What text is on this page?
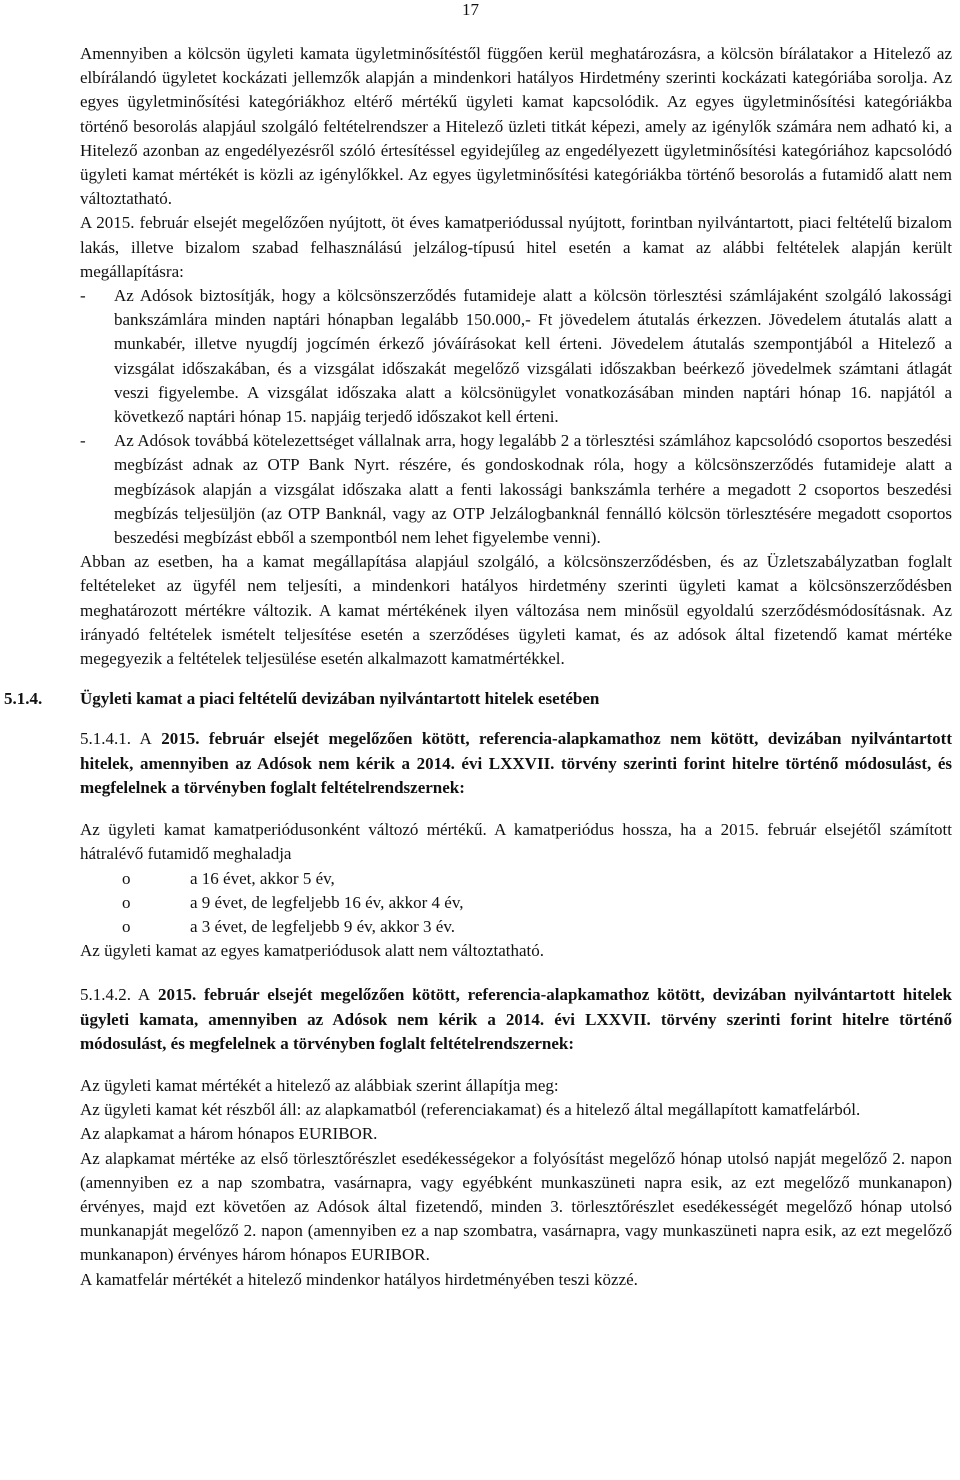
17

Amennyiben a kölcsön ügyleti kamata ügyletminősítéstől függően kerül meghatározásra, a kölcsön bírálatakor a Hitelező az elbírálandó ügyletet kockázati jellemzők alapján a mindenkori hatályos Hirdetmény szerinti kockázati kategóriába sorolja. Az egyes ügyletminősítési kategóriákhoz eltérő mértékű ügyleti kamat kapcsolódik. Az egyes ügyletminősítési kategóriákba történő besorolás alapjául szolgáló feltételrendszer a Hitelező üzleti titkát képezi, amely az igénylők számára nem adható ki, a Hitelező azonban az engedélyezésről szóló értesítéssel egyidejűleg az engedélyezett ügyletminősítési kategóriához kapcsolódó ügyleti kamat mértékét is közli az igénylőkkel. Az egyes ügyletminősítési kategóriákba történő besorolás a futamidő alatt nem változtatható.

A 2015. február elsejét megelőzően nyújtott, öt éves kamatperiódussal nyújtott, forintban nyilvántartott, piaci feltételű bizalom lakás, illetve bizalom szabad felhasználású jelzálog-típusú hitel esetén a kamat az alábbi feltételek alapján került megállapításra:

-	Az Adósok biztosítják, hogy a kölcsönszerződés futamideje alatt a kölcsön törlesztési számlájaként szolgáló lakossági bankszámlára minden naptári hónapban legalább 150.000,- Ft jövedelem átutalás érkezzen. Jövedelem átutalás alatt a munkabér, illetve nyugdíj jogcímén érkező jóváírásokat kell érteni. Jövedelem átutalás szempontjából a Hitelező a vizsgálat időszakában, és a vizsgálat időszakát megelőző vizsgálati időszakban beérkező jövedelmek számtani átlagát veszi figyelembe. A vizsgálat időszaka alatt a kölcsönügylet vonatkozásában minden naptári hónap 16. napjától a következő naptári hónap 15. napjáig terjedő időszakot kell érteni.
-	Az Adósok továbbá kötelezettséget vállalnak arra, hogy legalább 2 a törlesztési számlához kapcsolódó csoportos beszedési megbízást adnak az OTP Bank Nyrt. részére, és gondoskodnak róla, hogy a kölcsönszerződés futamideje alatt a megbízások alapján a vizsgálat időszaka alatt a fenti lakossági bankszámla terhére a megadott 2 csoportos beszedési megbízás teljesüljön (az OTP Banknál, vagy az OTP Jelzálogbanknál fennálló kölcsön törlesztésére megadott csoportos beszedési megbízást ebből a szempontból nem lehet figyelembe venni).

Abban az esetben, ha a kamat megállapítása alapjául szolgáló, a kölcsönszerződésben, és az Üzletszabályzatban foglalt feltételeket az ügyfél nem teljesíti, a mindenkori hatályos hirdetmény szerinti ügyleti kamat a kölcsönszerződésben meghatározott mértékre változik. A kamat mértékének ilyen változása nem minősül egyoldalú szerződésmódosításnak. Az irányadó feltételek ismételt teljesítése esetén a szerződéses ügyleti kamat, és az adósok által fizetendő kamat mértéke megegyezik a feltételek teljesülése esetén alkalmazott kamatmértékkel.

5.1.4.	Ügyleti kamat a piaci feltételű devizában nyilvántartott hitelek esetében

5.1.4.1. A 2015. február elsejét megelőzően kötött, referencia-alapkamathoz nem kötött, devizában nyilvántartott hitelek, amennyiben az Adósok nem kérik a 2014. évi LXXVII. törvény szerinti forint hitelre történő módosulást, és megfelelnek a törvényben foglalt feltételrendszernek:

Az ügyleti kamat kamatperiódusonként változó mértékű. A kamatperiódus hossza, ha a 2015. február elsejétől számított hátralévő futamidő meghaladja

o	a 16 évet, akkor 5 év,
o	a 9 évet, de legfeljebb 16 év, akkor 4 év,
o	a 3 évet, de legfeljebb 9 év, akkor 3 év.

Az ügyleti kamat az egyes kamatperiódusok alatt nem változtatható.

5.1.4.2. A 2015. február elsejét megelőzően kötött, referencia-alapkamathoz kötött, devizában nyilvántartott hitelek ügyleti kamata, amennyiben az Adósok nem kérik a 2014. évi LXXVII. törvény szerinti forint hitelre történő módosulást, és megfelelnek a törvényben foglalt feltételrendszernek:

Az ügyleti kamat mértékét a hitelező az alábbiak szerint állapítja meg:

Az ügyleti kamat két részből áll: az alapkamatból (referenciakamat) és a hitelező által megállapított kamatfelárból.

Az alapkamat a három hónapos EURIBOR.

Az alapkamat mértéke az első törlesztőrészlet esedékességekor a folyósítást megelőző hónap utolsó napját megelőző 2. napon (amennyiben ez a nap szombatra, vasárnapra, vagy egyébként munkaszüneti napra esik, az ezt megelőző munkanapon) érvényes, majd ezt követően az Adósok által fizetendő, minden 3. törlesztőrészlet esedékességét megelőző hónap utolsó munkanapját megelőző 2. napon (amennyiben ez a nap szombatra, vasárnapra, vagy munkaszüneti napra esik, az ezt megelőző munkanapon) érvényes három hónapos EURIBOR.

A kamatfelár mértékét a hitelező mindenkor hatályos hirdetményében teszi közzé.
